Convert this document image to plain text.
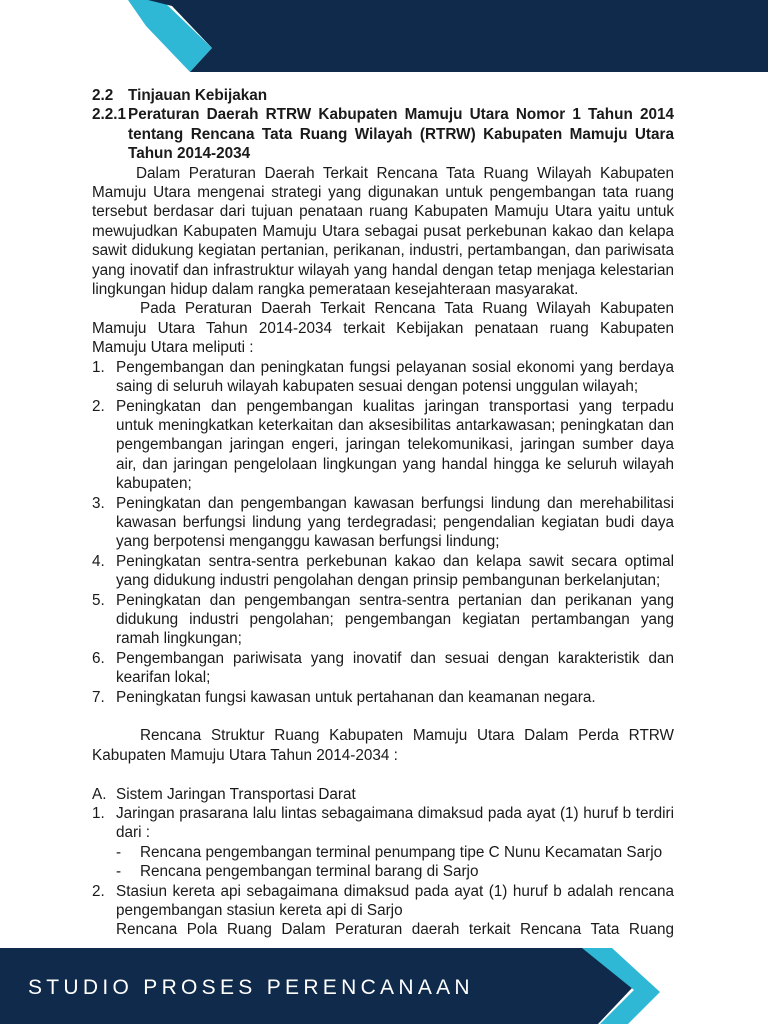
2.2 Tinjauan Kebijakan
2.2.1 Peraturan Daerah RTRW Kabupaten Mamuju Utara Nomor 1 Tahun 2014 tentang Rencana Tata Ruang Wilayah (RTRW) Kabupaten Mamuju Utara Tahun 2014-2034

Dalam Peraturan Daerah Terkait Rencana Tata Ruang Wilayah Kabupaten Mamuju Utara mengenai strategi yang digunakan untuk pengembangan tata ruang tersebut berdasar dari tujuan penataan ruang Kabupaten Mamuju Utara yaitu untuk mewujudkan Kabupaten Mamuju Utara sebagai pusat perkebunan kakao dan kelapa sawit didukung kegiatan pertanian, perikanan, industri, pertambangan, dan pariwisata yang inovatif dan infrastruktur wilayah yang handal dengan tetap menjaga kelestarian lingkungan hidup dalam rangka pemerataan kesejahteraan masyarakat.

Pada Peraturan Daerah Terkait Rencana Tata Ruang Wilayah Kabupaten Mamuju Utara Tahun 2014-2034 terkait Kebijakan penataan ruang Kabupaten Mamuju Utara meliputi :

1. Pengembangan dan peningkatan fungsi pelayanan sosial ekonomi yang berdaya saing di seluruh wilayah kabupaten sesuai dengan potensi unggulan wilayah;
2. Peningkatan dan pengembangan kualitas jaringan transportasi yang terpadu untuk meningkatkan keterkaitan dan aksesibilitas antarkawasan; peningkatan dan pengembangan jaringan engeri, jaringan telekomunikasi, jaringan sumber daya air, dan jaringan pengelolaan lingkungan yang handal hingga ke seluruh wilayah kabupaten;
3. Peningkatan dan pengembangan kawasan berfungsi lindung dan merehabilitasi kawasan berfungsi lindung yang terdegradasi; pengendalian kegiatan budi daya yang berpotensi menganggu kawasan berfungsi lindung;
4. Peningkatan sentra-sentra perkebunan kakao dan kelapa sawit secara optimal yang didukung industri pengolahan dengan prinsip pembangunan berkelanjutan;
5. Peningkatan dan pengembangan sentra-sentra pertanian dan perikanan yang didukung industri pengolahan; pengembangan kegiatan pertambangan yang ramah lingkungan;
6. Pengembangan pariwisata yang inovatif dan sesuai dengan karakteristik dan kearifan lokal;
7. Peningkatan fungsi kawasan untuk pertahanan dan keamanan negara.

Rencana Struktur Ruang Kabupaten Mamuju Utara Dalam Perda RTRW Kabupaten Mamuju Utara Tahun 2014-2034 :

A. Sistem Jaringan Transportasi Darat
1. Jaringan prasarana lalu lintas sebagaimana dimaksud pada ayat (1) huruf b terdiri dari :
- Rencana pengembangan terminal penumpang tipe C Nunu Kecamatan Sarjo
- Rencana pengembangan terminal barang di Sarjo
2. Stasiun kereta api sebagaimana dimaksud pada ayat (1) huruf b adalah rencana pengembangan stasiun kereta api di Sarjo
Rencana Pola Ruang Dalam Peraturan daerah terkait Rencana Tata Ruang
STUDIO PROSES PERENCANAAN
